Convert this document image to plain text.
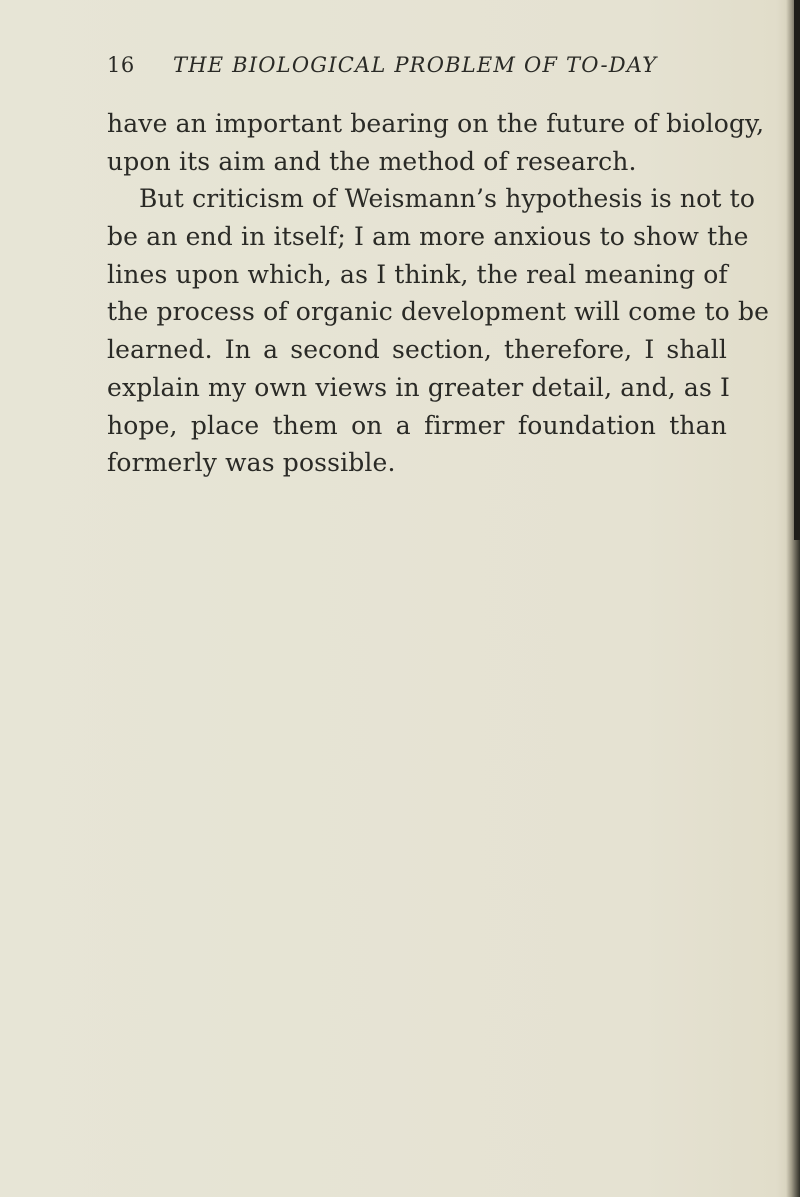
16 THE BIOLOGICAL PROBLEM OF TO-DAY
have an important bearing on the future of biology,
upon its aim and the method of research.
But criticism of Weismann’s hypothesis is not to
be an end in itself; I am more anxious to show the
lines upon which, as I think, the real meaning of
the process of organic development will come to be
learned. In a second section, therefore, I shall
explain my own views in greater detail, and, as I
hope, place them on a firmer foundation than
formerly was possible.
